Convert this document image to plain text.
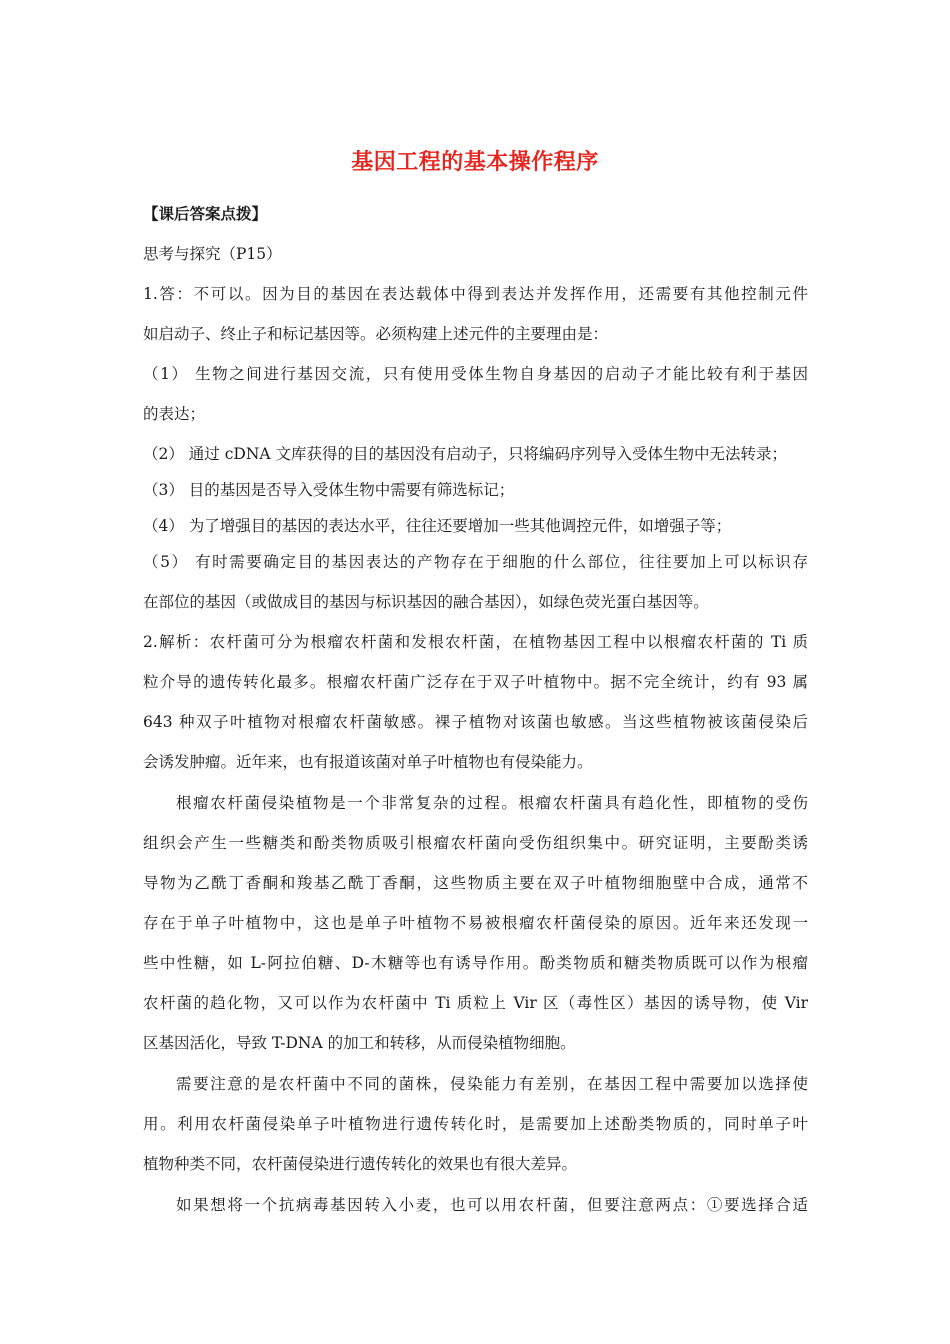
基因工程的基本操作程序
【课后答案点拨】
思考与探究（P15）
1.答：不可以。因为目的基因在表达载体中得到表达并发挥作用，还需要有其他控制元件
如启动子、终止子和标记基因等。必须构建上述元件的主要理由是：
（1） 生物之间进行基因交流，只有使用受体生物自身基因的启动子才能比较有利于基因
的表达；
（2） 通过 cDNA 文库获得的目的基因没有启动子，只将编码序列导入受体生物中无法转录；
（3） 目的基因是否导入受体生物中需要有筛选标记；
（4） 为了增强目的基因的表达水平，往往还要增加一些其他调控元件，如增强子等；
（5） 有时需要确定目的基因表达的产物存在于细胞的什么部位，往往要加上可以标识存
在部位的基因（或做成目的基因与标识基因的融合基因），如绿色荧光蛋白基因等。
2.解析：农杆菌可分为根瘤农杆菌和发根农杆菌，在植物基因工程中以根瘤农杆菌的 Ti 质
粒介导的遗传转化最多。根瘤农杆菌广泛存在于双子叶植物中。据不完全统计，约有 93 属
643 种双子叶植物对根瘤农杆菌敏感。裸子植物对该菌也敏感。当这些植物被该菌侵染后
会诱发肿瘤。近年来，也有报道该菌对单子叶植物也有侵染能力。
根瘤农杆菌侵染植物是一个非常复杂的过程。根瘤农杆菌具有趋化性，即植物的受伤
组织会产生一些糖类和酚类物质吸引根瘤农杆菌向受伤组织集中。研究证明，主要酚类诱
导物为乙酰丁香酮和羧基乙酰丁香酮，这些物质主要在双子叶植物细胞壁中合成，通常不
存在于单子叶植物中，这也是单子叶植物不易被根瘤农杆菌侵染的原因。近年来还发现一
些中性糖，如 L-阿拉伯糖、D-木糖等也有诱导作用。酚类物质和糖类物质既可以作为根瘤
农杆菌的趋化物，又可以作为农杆菌中 Ti 质粒上 Vir 区（毒性区）基因的诱导物，使 Vir
区基因活化，导致 T-DNA 的加工和转移，从而侵染植物细胞。
需要注意的是农杆菌中不同的菌株，侵染能力有差别，在基因工程中需要加以选择使
用。利用农杆菌侵染单子叶植物进行遗传转化时，是需要加上述酚类物质的，同时单子叶
植物种类不同，农杆菌侵染进行遗传转化的效果也有很大差异。
如果想将一个抗病毒基因转入小麦，也可以用农杆菌，但要注意两点：①要选择合适
